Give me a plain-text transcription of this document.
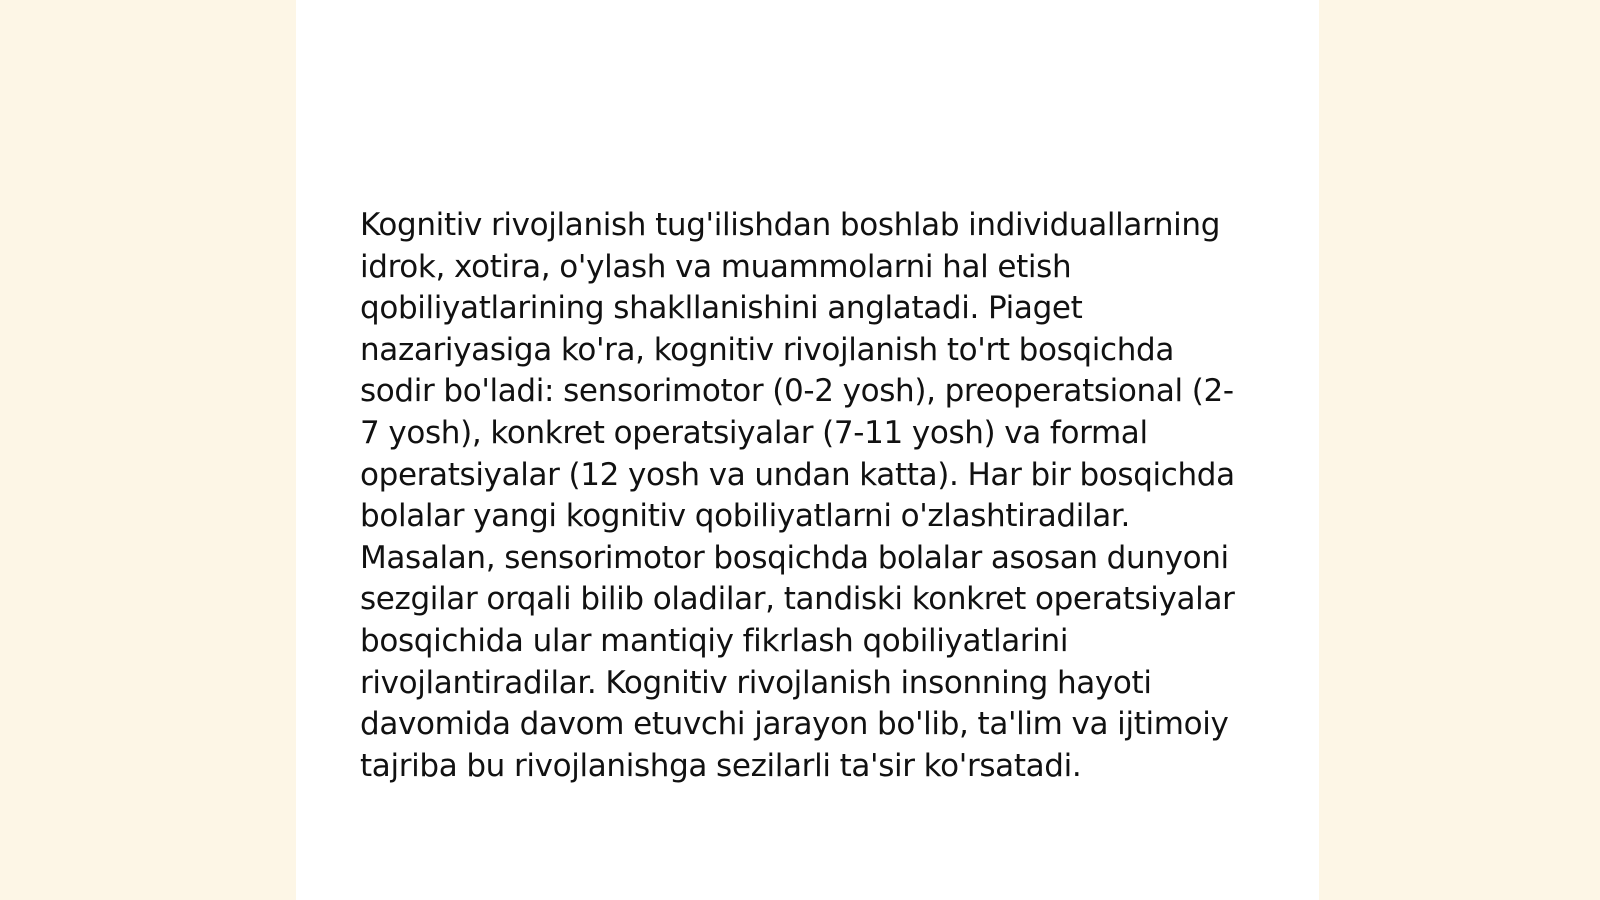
Kognitiv rivojlanish tug'ilishdan boshlab individuallarning idrok, xotira, o'ylash va muammolarni hal etish qobiliyatlarining shakllanishini anglatadi. Piaget nazariyasiga ko'ra, kognitiv rivojlanish to'rt bosqichda sodir bo'ladi: sensorimotor (0-2 yosh), preoperatsional (2-7 yosh), konkret operatsiyalar (7-11 yosh) va formal operatsiyalar (12 yosh va undan katta). Har bir bosqichda bolalar yangi kognitiv qobiliyatlarni o'zlashtiradilar. Masalan, sensorimotor bosqichda bolalar asosan dunyoni sezgilar orqali bilib oladilar, tandiski konkret operatsiyalar bosqichida ular mantiqiy fikrlash qobiliyatlarini rivojlantiradilar. Kognitiv rivojlanish insonning hayoti davomida davom etuvchi jarayon bo'lib, ta'lim va ijtimoiy tajriba bu rivojlanishga sezilarli ta'sir ko'rsatadi.
